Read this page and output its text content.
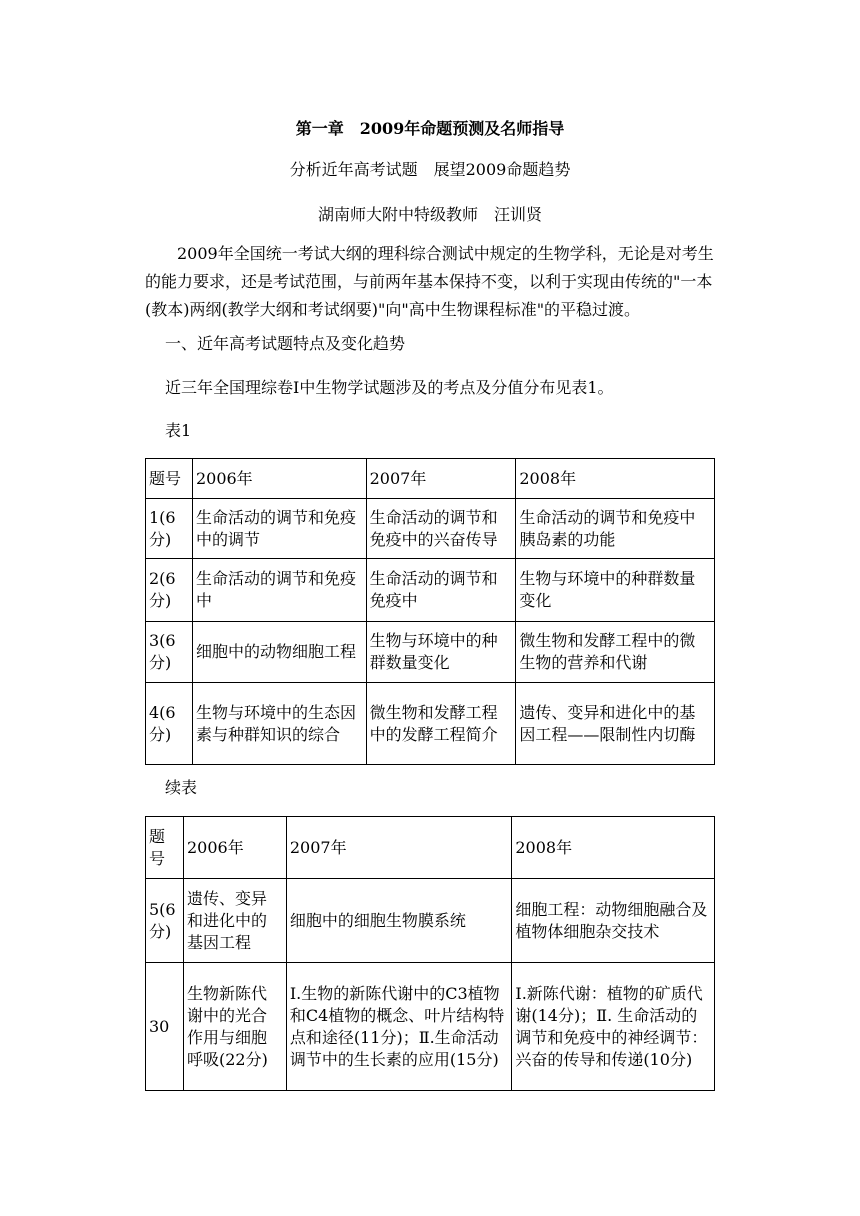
第一章　2009年命题预测及名师指导
分析近年高考试题　展望2009命题趋势
湖南师大附中特级教师　汪训贤
2009年全国统一考试大纲的理科综合测试中规定的生物学科，无论是对考生的能力要求，还是考试范围，与前两年基本保持不变，以利于实现由传统的"一本(教本)两纲(教学大纲和考试纲要)"向"高中生物课程标准"的平稳过渡。
一、近年高考试题特点及变化趋势
近三年全国理综卷Ⅰ中生物学试题涉及的考点及分值分布见表1。
表1
题号	2006年	2007年	2008年
1(6分)	生命活动的调节和免疫中的调节	生命活动的调节和免疫中的兴奋传导	生命活动的调节和免疫中胰岛素的功能
2(6分)	生命活动的调节和免疫中	生命活动的调节和免疫中	生物与环境中的种群数量变化
3(6分)	细胞中的动物细胞工程	生物与环境中的种群数量变化	微生物和发酵工程中的微生物的营养和代谢
4(6分)	生物与环境中的生态因素与种群知识的综合	微生物和发酵工程中的发酵工程简介	遗传、变异和进化中的基因工程——限制性内切酶
续表
题号	2006年	2007年	2008年
5(6分)	遗传、变异和进化中的基因工程	细胞中的细胞生物膜系统	细胞工程：动物细胞融合及植物体细胞杂交技术
30	生物新陈代谢中的光合作用与细胞呼吸(22分)	Ⅰ.生物的新陈代谢中的C3植物和C4植物的概念、叶片结构特点和途径(11分)；Ⅱ.生命活动调节中的生长素的应用(15分)	Ⅰ.新陈代谢：植物的矿质代谢(14分)；Ⅱ. 生命活动的调节和免疫中的神经调节：兴奋的传导和传递(10分)
